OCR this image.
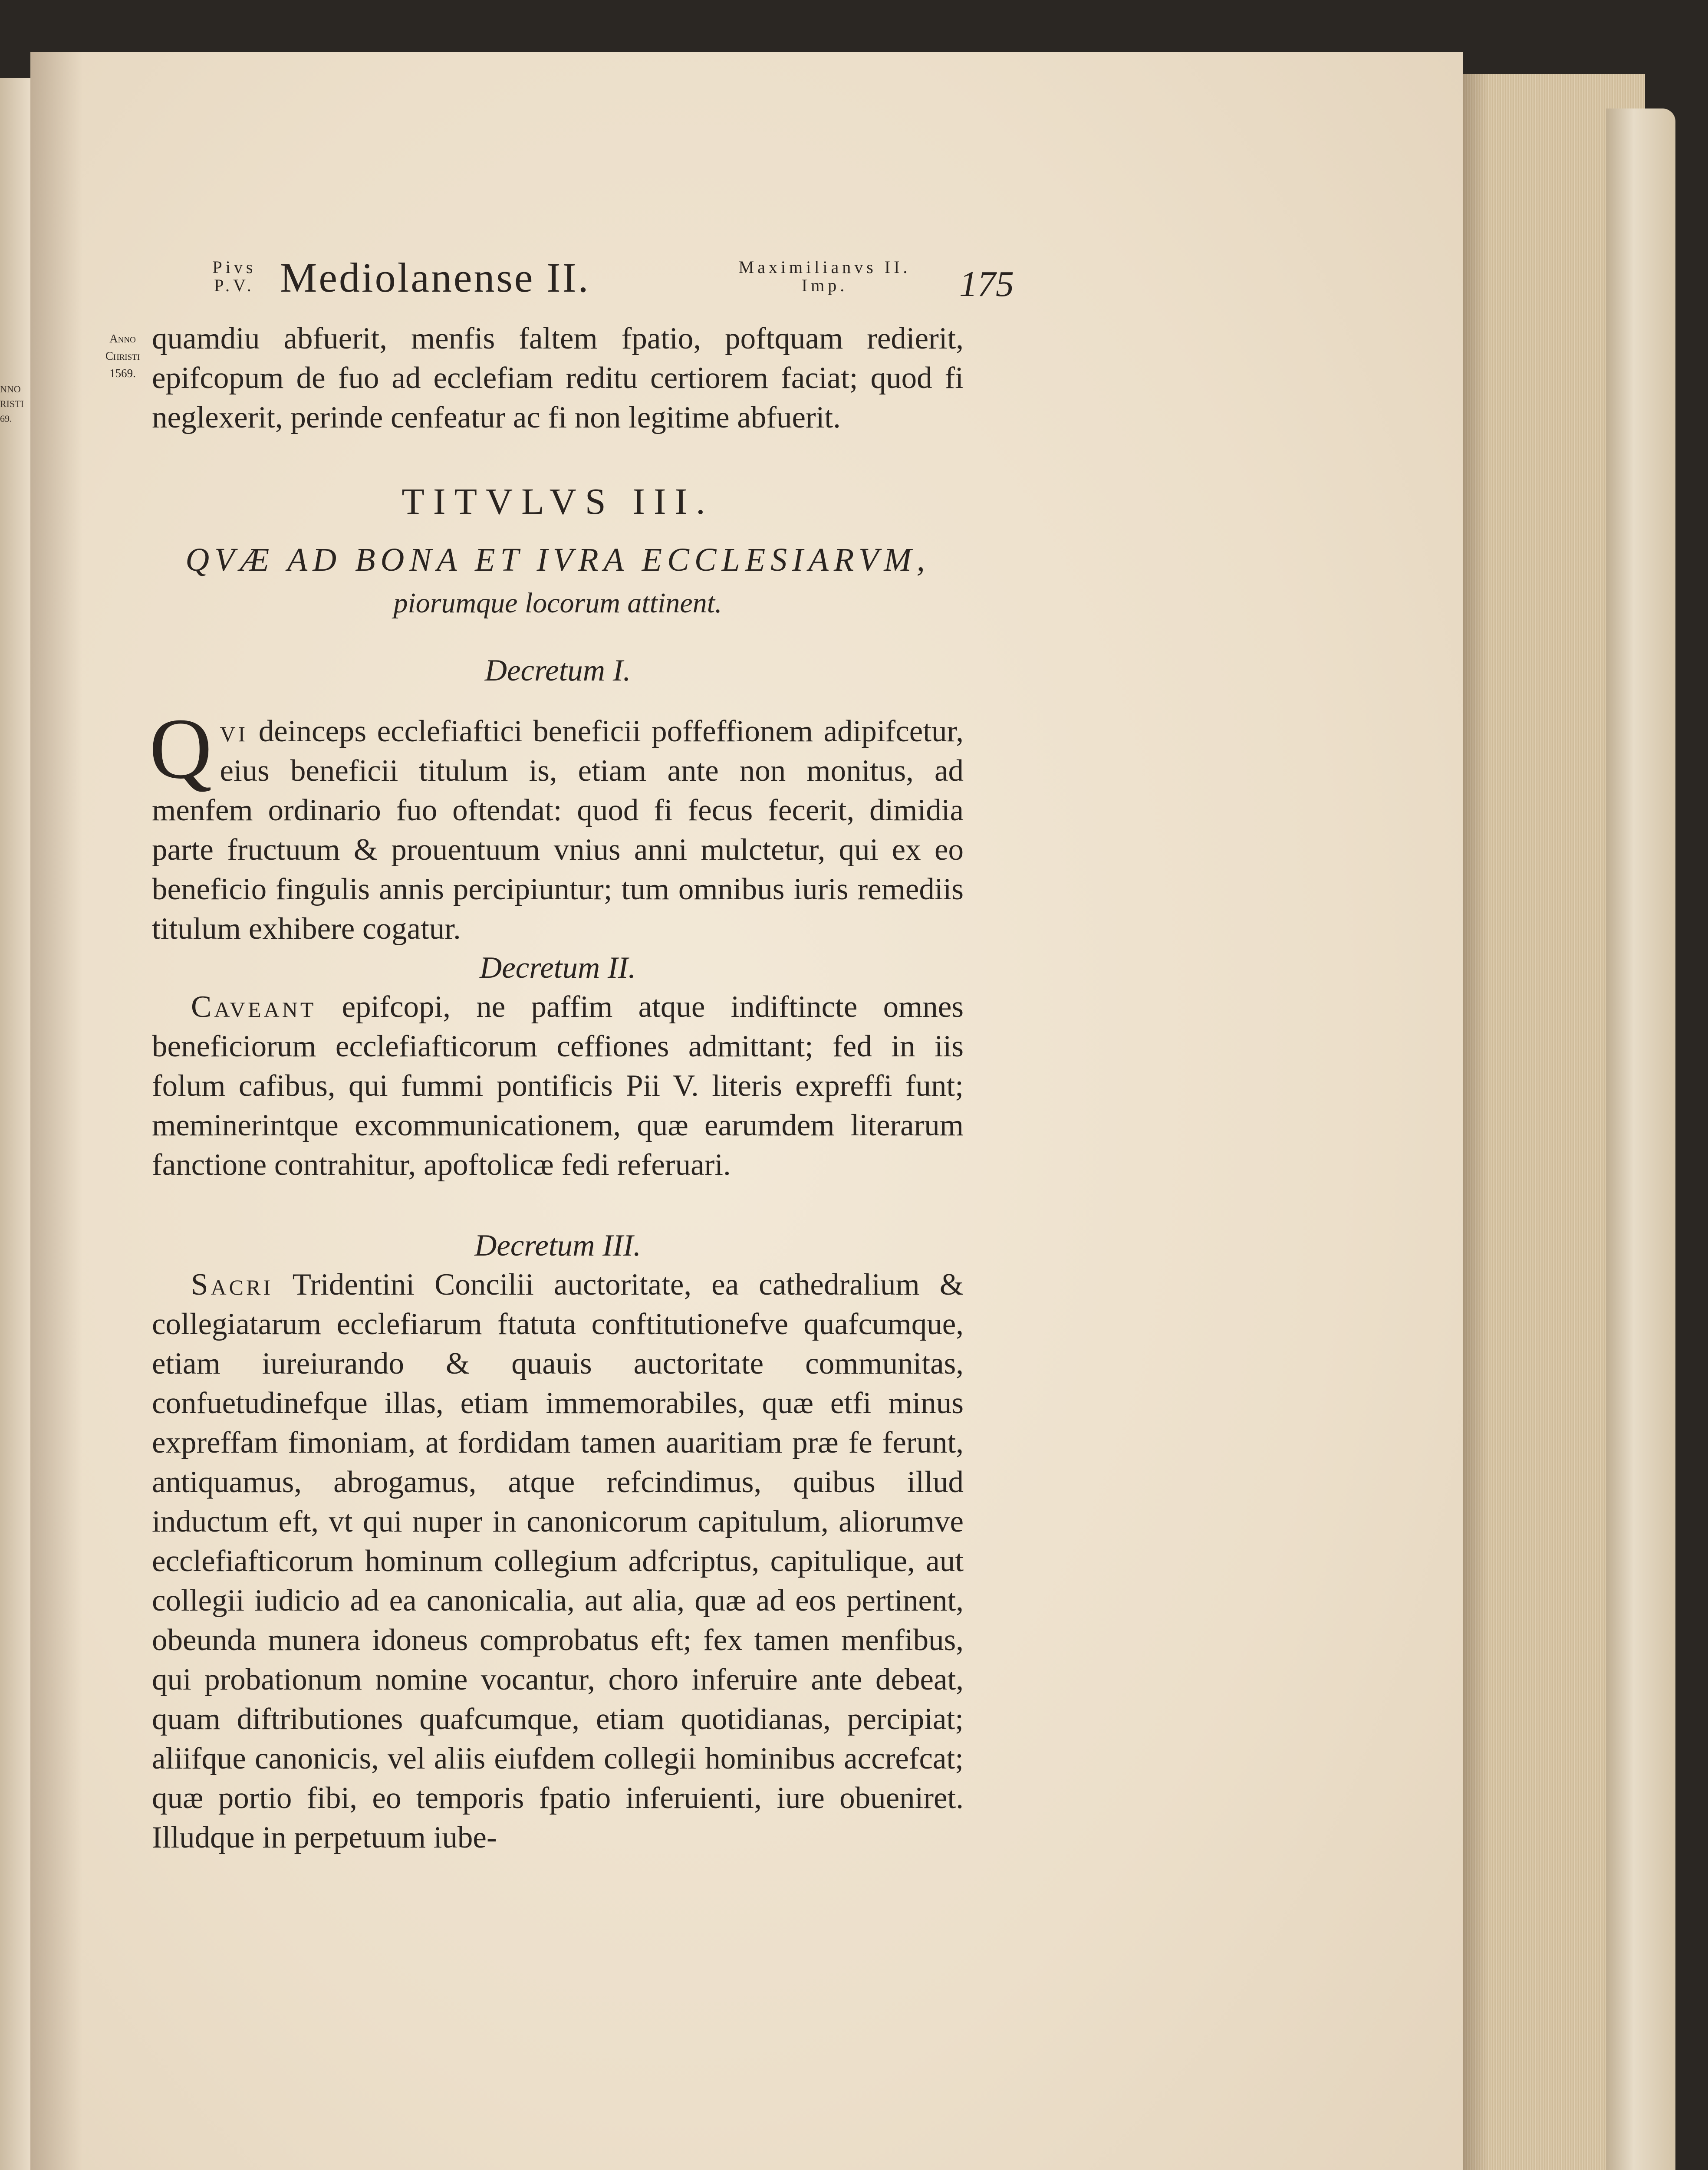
NNO
RISTI
69.
Pivs
P.V. Mediolanense II.	Maximilianvs II.
Imp.	175
Anno
Christi
1569.

quamdiu abfuerit, menfis faltem fpatio, poftquam redierit, epifcopum de fuo ad ecclefiam reditu certiorem faciat; quod fi neglexerit, perinde cenfeatur ac fi non legitime abfuerit.

TITVLVS III.
QVÆ AD BONA ET IVRA ECCLESIARVM,
piorumque locorum attinent.
Decretum I.

Q vi deinceps ecclefiaftici beneficii poffeffionem adipifcetur, eius beneficii titulum is, etiam ante non monitus, ad menfem ordinario fuo oftendat: quod fi fecus fecerit, dimidia parte fructuum & prouentuum vnius anni mulctetur, qui ex eo beneficio fingulis annis percipiuntur; tum omnibus iuris remediis titulum exhibere cogatur.

Decretum II.

Caveant epifcopi, ne paffim atque indiftincte omnes beneficiorum ecclefiafticorum ceffiones admittant; fed in iis folum cafibus, qui fummi pontificis Pii V. literis expreffi funt; meminerintque excommunicationem, quæ earumdem literarum fanctione contrahitur, apoftolicæ fedi referuari.

Decretum III.

Sacri Tridentini Concilii auctoritate, ea cathedralium & collegiatarum ecclefiarum ftatuta conftitutionefve quafcumque, etiam iureiurando & quauis auctoritate communitas, confuetudinefque illas, etiam immemorabiles, quæ etfi minus expreffam fimoniam, at fordidam tamen auaritiam præ fe ferunt, antiquamus, abrogamus, atque refcindimus, quibus illud inductum eft, vt qui nuper in canonicorum capitulum, aliorumve ecclefiafticorum hominum collegium adfcriptus, capitulique, aut collegii iudicio ad ea canonicalia, aut alia, quæ ad eos pertinent, obeunda munera idoneus comprobatus eft; fex tamen menfibus, qui probationum nomine vocantur, choro inferuire ante debeat, quam diftributiones quafcumque, etiam quotidianas, percipiat; aliifque canonicis, vel aliis eiufdem collegii hominibus accrefcat; quæ portio fibi, eo temporis fpatio inferuienti, iure obueniret. Illudque in perpetuum iube-
